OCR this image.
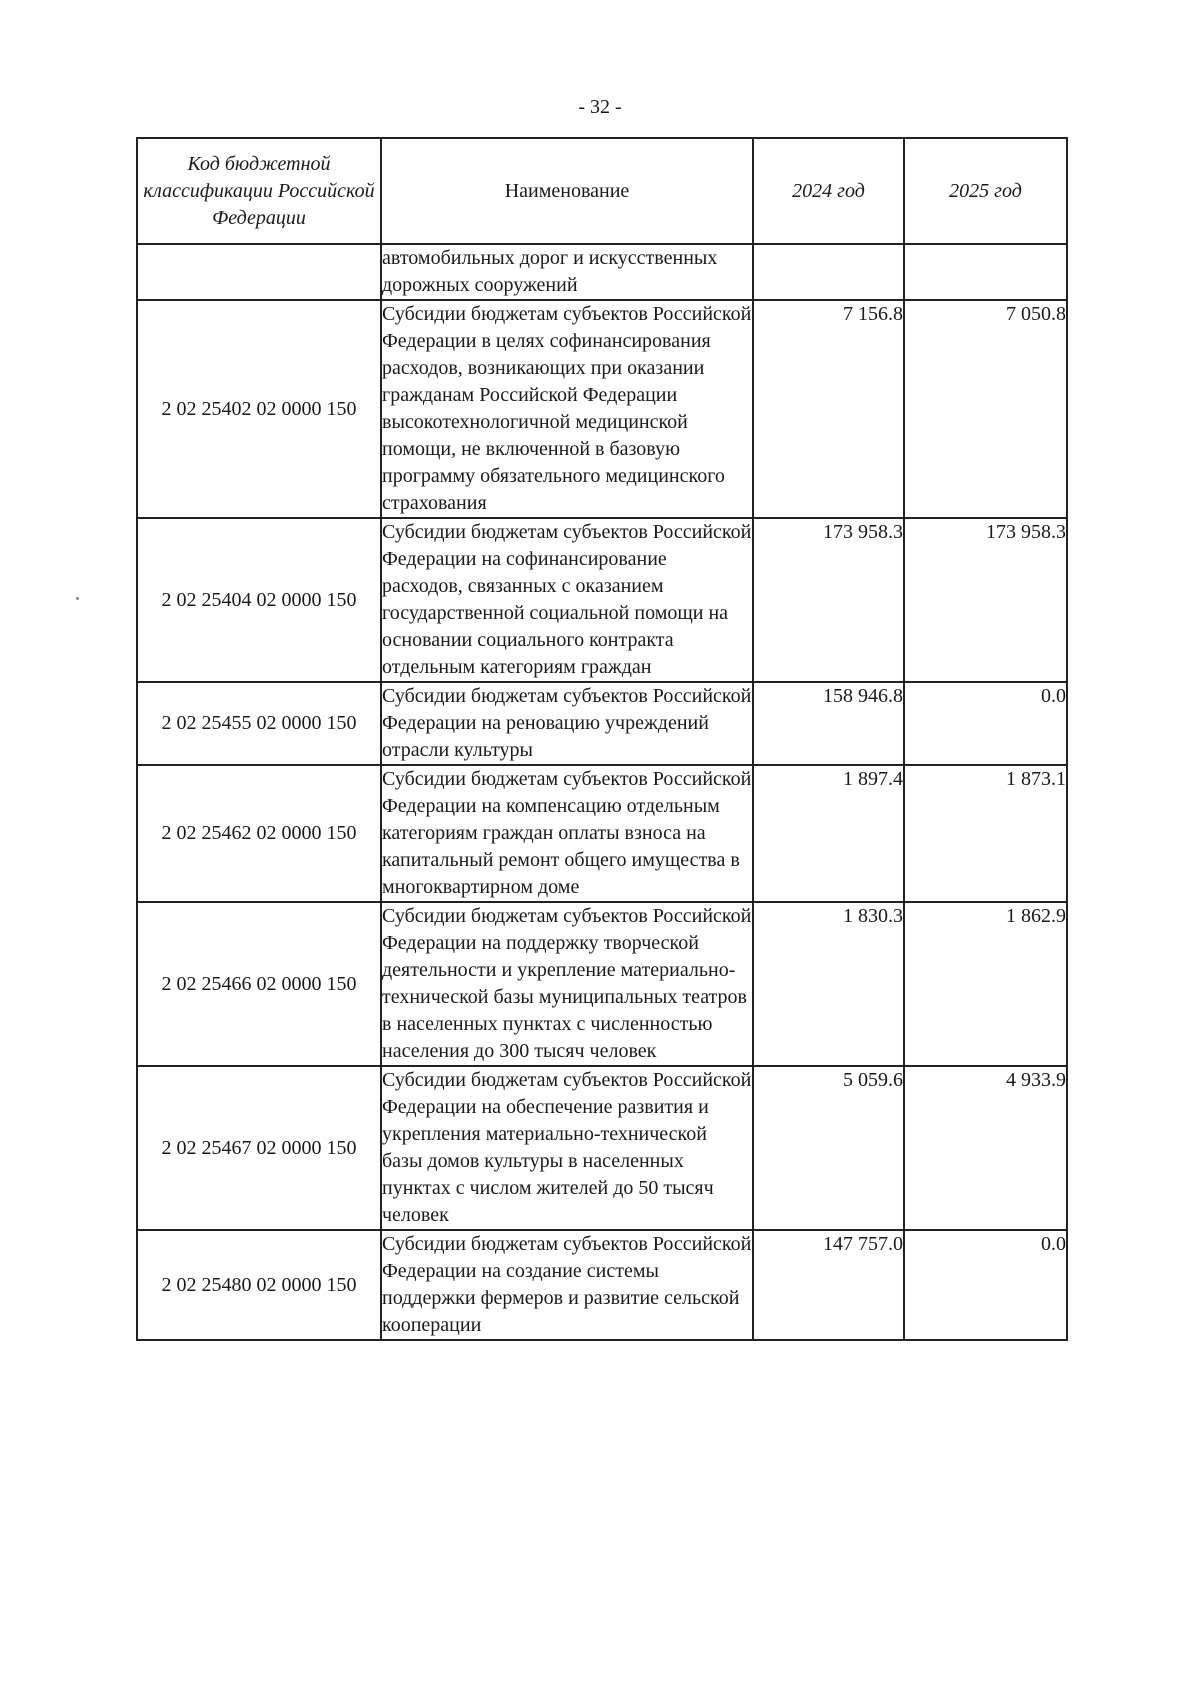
- 32 -
Код бюджетной классификации Российской Федерации	Наименование	2024 год	2025 год
	автомобильных дорог и искусственных дорожных сооружений		
2 02 25402 02 0000 150	Субсидии бюджетам субъектов Российской Федерации в целях софинансирования расходов, возникающих при оказании гражданам Российской Федерации высокотехнологичной медицинской помощи, не включенной в базовую программу обязательного медицинского страхования	7 156.8	7 050.8
2 02 25404 02 0000 150	Субсидии бюджетам субъектов Российской Федерации на софинансирование расходов, связанных с оказанием государственной социальной помощи на основании социального контракта отдельным категориям граждан	173 958.3	173 958.3
2 02 25455 02 0000 150	Субсидии бюджетам субъектов Российской Федерации на реновацию учреждений отрасли культуры	158 946.8	0.0
2 02 25462 02 0000 150	Субсидии бюджетам субъектов Российской Федерации на компенсацию отдельным категориям граждан оплаты взноса на капитальный ремонт общего имущества в многоквартирном доме	1 897.4	1 873.1
2 02 25466 02 0000 150	Субсидии бюджетам субъектов Российской Федерации на поддержку творческой деятельности и укрепление материально-технической базы муниципальных театров в населенных пунктах с численностью населения до 300 тысяч человек	1 830.3	1 862.9
2 02 25467 02 0000 150	Субсидии бюджетам субъектов Российской Федерации на обеспечение развития и укрепления материально-технической базы домов культуры в населенных пунктах с числом жителей до 50 тысяч человек	5 059.6	4 933.9
2 02 25480 02 0000 150	Субсидии бюджетам субъектов Российской Федерации на создание системы поддержки фермеров и развитие сельской кооперации	147 757.0	0.0
